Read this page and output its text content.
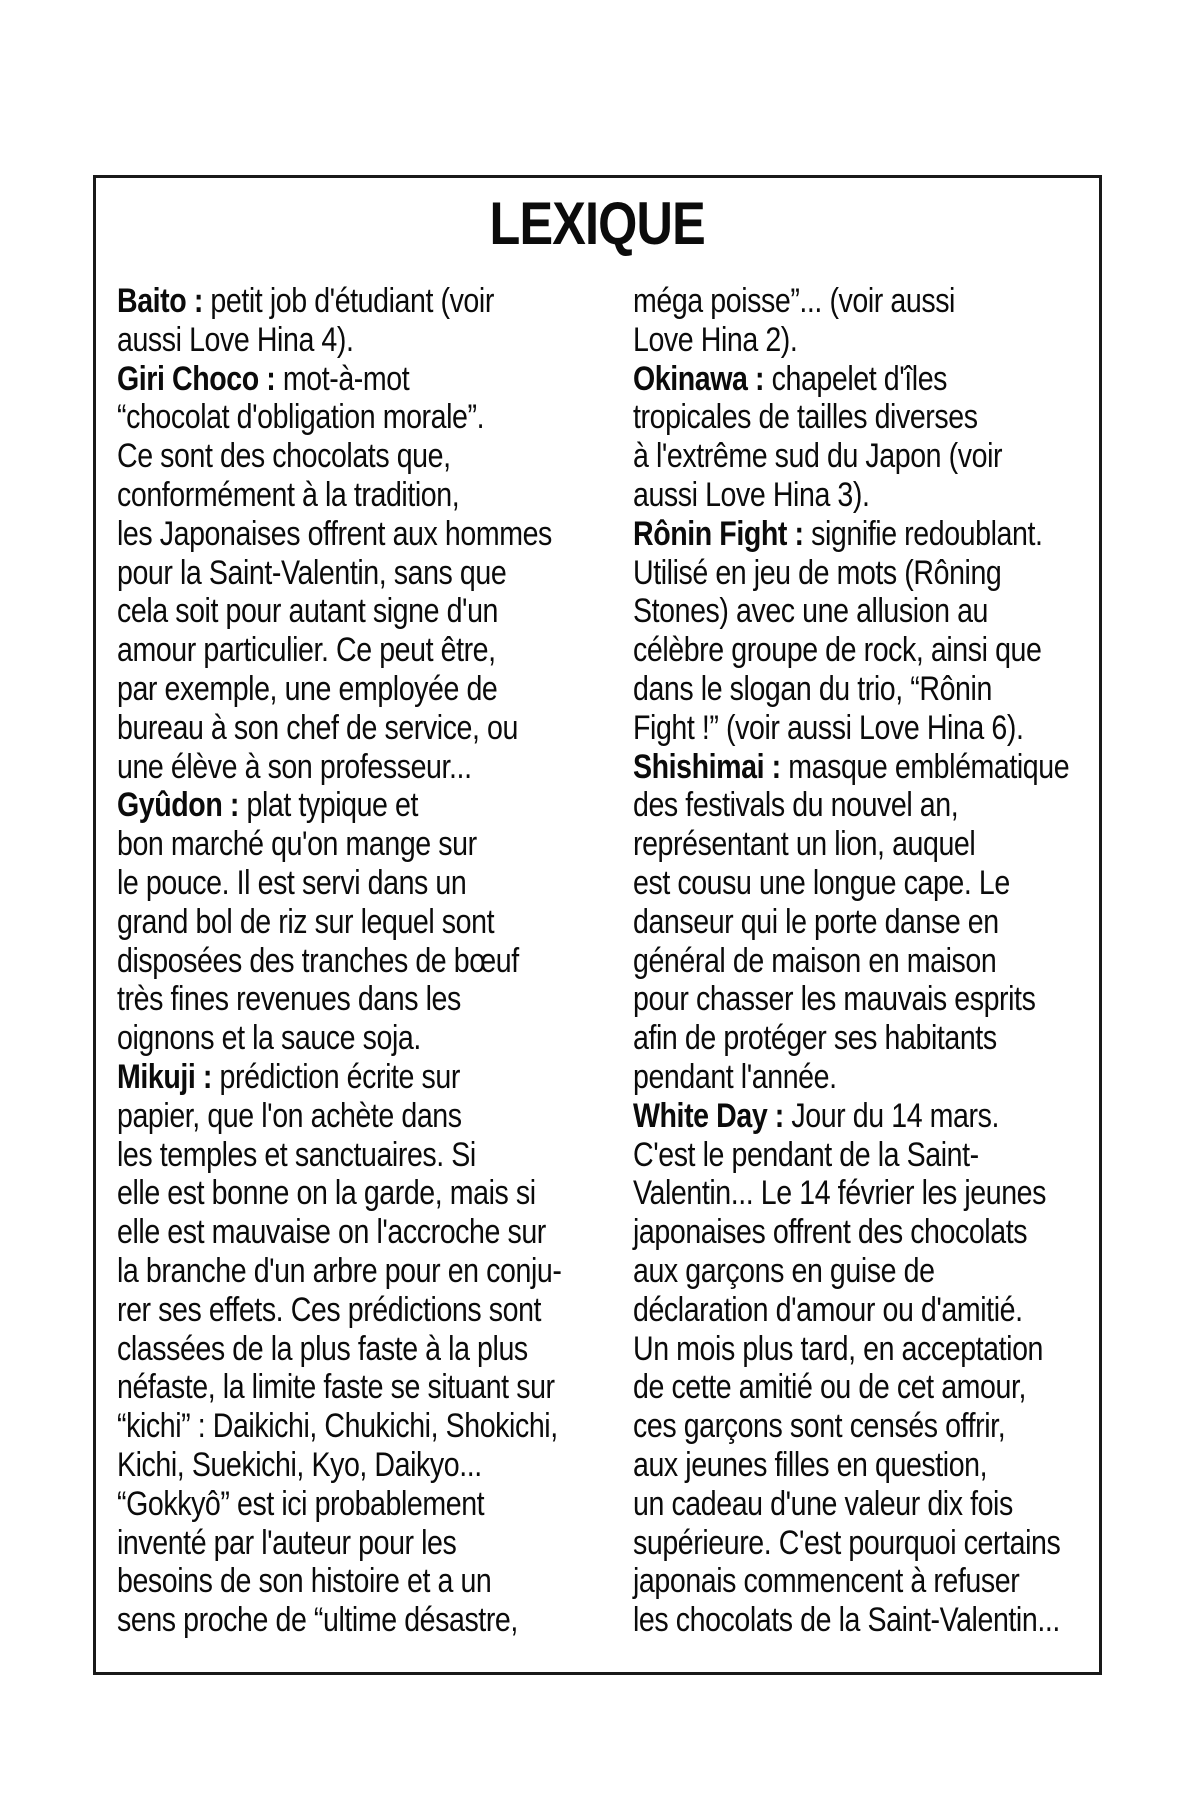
LEXIQUE
Baito : petit job d'étudiant (voir
aussi Love Hina 4).
Giri Choco : mot-à-mot
“chocolat d'obligation morale”.
Ce sont des chocolats que,
conformément à la tradition,
les Japonaises offrent aux hommes
pour la Saint-Valentin, sans que
cela soit pour autant signe d'un
amour particulier. Ce peut être,
par exemple, une employée de
bureau à son chef de service, ou
une élève à son professeur...
Gyûdon : plat typique et
bon marché qu'on mange sur
le pouce. Il est servi dans un
grand bol de riz sur lequel sont
disposées des tranches de bœuf
très fines revenues dans les
oignons et la sauce soja.
Mikuji : prédiction écrite sur
papier, que l'on achète dans
les temples et sanctuaires. Si
elle est bonne on la garde, mais si
elle est mauvaise on l'accroche sur
la branche d'un arbre pour en conju-
rer ses effets. Ces prédictions sont
classées de la plus faste à la plus
néfaste, la limite faste se situant sur
“kichi” : Daikichi, Chukichi, Shokichi,
Kichi, Suekichi, Kyo, Daikyo...
“Gokkyô” est ici probablement
inventé par l'auteur pour les
besoins de son histoire et a un
sens proche de “ultime désastre,
méga poisse”... (voir aussi
Love Hina 2).
Okinawa : chapelet d'îles
tropicales de tailles diverses
à l'extrême sud du Japon (voir
aussi Love Hina 3).
Rônin Fight : signifie redoublant.
Utilisé en jeu de mots (Rôning
Stones) avec une allusion au
célèbre groupe de rock, ainsi que
dans le slogan du trio, “Rônin
Fight !” (voir aussi Love Hina 6).
Shishimai : masque emblématique
des festivals du nouvel an,
représentant un lion, auquel
est cousu une longue cape. Le
danseur qui le porte danse en
général de maison en maison
pour chasser les mauvais esprits
afin de protéger ses habitants
pendant l'année.
White Day : Jour du 14 mars.
C'est le pendant de la Saint-
Valentin... Le 14 février les jeunes
japonaises offrent des chocolats
aux garçons en guise de
déclaration d'amour ou d'amitié.
Un mois plus tard, en acceptation
de cette amitié ou de cet amour,
ces garçons sont censés offrir,
aux jeunes filles en question,
un cadeau d'une valeur dix fois
supérieure. C'est pourquoi certains
japonais commencent à refuser
les chocolats de la Saint-Valentin...
